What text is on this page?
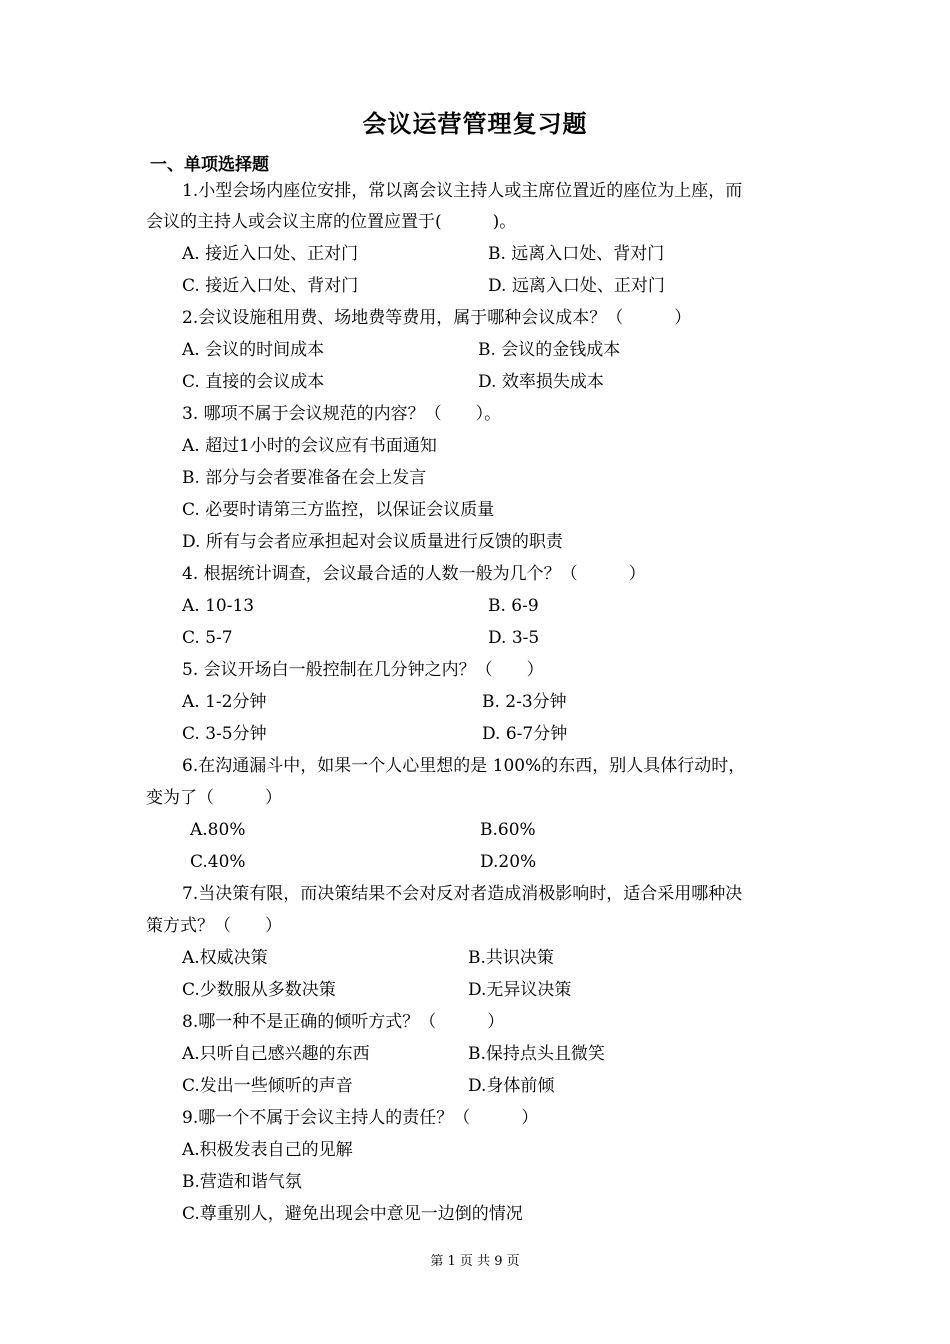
会议运营管理复习题
一、单项选择题
1.小型会场内座位安排，常以离会议主持人或主席位置近的座位为上座，而
会议的主持人或会议主席的位置应置于(　　　)。
A. 接近入口处、正对门	B. 远离入口处、背对门
C. 接近入口处、背对门	D. 远离入口处、正对门
2.会议设施租用费、场地费等费用，属于哪种会议成本？（　　　）
A. 会议的时间成本	B. 会议的金钱成本
C. 直接的会议成本	D. 效率损失成本
3. 哪项不属于会议规范的内容？（　　）。
A. 超过1小时的会议应有书面通知
B. 部分与会者要准备在会上发言
C. 必要时请第三方监控，以保证会议质量
D. 所有与会者应承担起对会议质量进行反馈的职责
4. 根据统计调查，会议最合适的人数一般为几个？（　　　）
A. 10-13	B. 6-9
C. 5-7	D. 3-5
5. 会议开场白一般控制在几分钟之内？（　　）
A. 1-2分钟	B. 2-3分钟
C. 3-5分钟	D. 6-7分钟
6.在沟通漏斗中，如果一个人心里想的是 100%的东西，别人具体行动时，
变为了（　　　）
A.80%	B.60%
C.40%	D.20%
7.当决策有限，而决策结果不会对反对者造成消极影响时，适合采用哪种决
策方式？（　　）
A.权威决策	B.共识决策
C.少数服从多数决策	D.无异议决策
8.哪一种不是正确的倾听方式？（　　　）
A.只听自己感兴趣的东西	B.保持点头且微笑
C.发出一些倾听的声音	D.身体前倾
9.哪一个不属于会议主持人的责任？（　　　）
A.积极发表自己的见解
B.营造和谐气氛
C.尊重别人，避免出现会中意见一边倒的情况
第 1 页 共 9 页
